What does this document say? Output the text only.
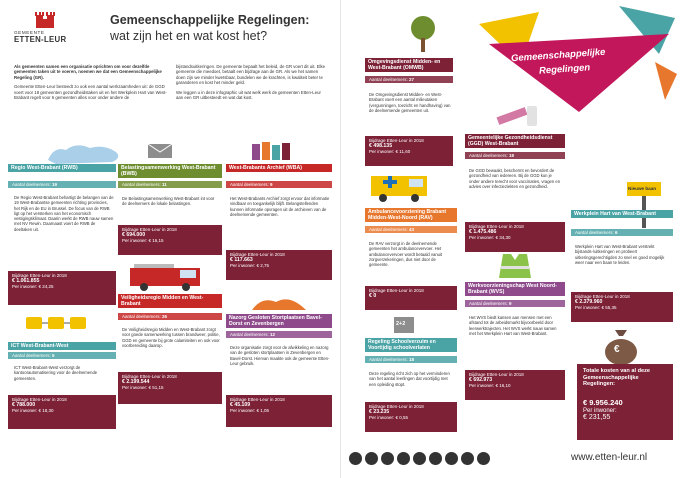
GEMEENTE
ETTEN-LEUR
Gemeenschappelijke Regelingen:
wat zijn het en wat kost het?
Als gemeenten samen een organisatie oprichten om voor dezelfde gemeenten taken uit te voeren, noemen we dat een Gemeenschappelijke Regeling (GR).
Gemeente Etten-Leur besteedt zo ook een aantal werkzaamheden uit: de GGD voert voor 18 gemeenten gezondheidstaken uit en het Werkplein Hart van West-Brabant regelt voor 6 gemeenten alles voor onder andere de
bijstandsuitkeringen. De gemeente bepaalt het beleid, de GR voert dit uit. Elke gemeente die meedoet, betaalt een bijdrage aan de GR. Als we het samen doen zijn we minder kwetsbaar, bundelen we de krachten, is kwaliteit beter te garanderen en kost het minder geld.
We leggen u in deze infographic uit wat welk werk de gemeenten Etten-Leur aan een GR uitbesteedt en wat dat kost.
Regio West-Brabant (RWB)
Aantal deelnemers: 19
De Regio West-Brabant behartigt de belangen van de 19 West-Brabantse gemeenten richting provincies, het Rijk en de EU in Brussel. De focus van de RWB ligt op het versterken van het economisch vestigingsklimaat. Daarin werkt de RWB nauw samen met NV Rewin. Daarnaast voert de RWB de deeltaken uit.
Bijdrage Etten-Leur in 2018
€ 1.061.855
Per inwoner: € 24,25
ICT West-Brabant-West
Aantal deelnemers: 5
ICT West-Brabant-West verzorgt de kantoorautomatisering voor de deelnemende gemeenten.
Bijdrage Etten-Leur in 2018
€ 788.000
Per inwoner: € 18,30
Belastingsamenwerking West-Brabant (BWB)
Aantal deelnemers: 11
De Belastingsamenwerking West-Brabant int voor de deelnemers de lokale belastingen.
Bijdrage Etten-Leur in 2018
€ 694.000
Per inwoner: € 16,15
Veiligheidsregio Midden en West-Brabant
Aantal deelnemers: 26
De Veiligheidsregio Midden en West-Brabant zorgt voor goede samenwerking tussen brandweer, politie, GGD en gemeente bij grote calamiteiten en ook voor voorbereiding daarop.
Bijdrage Etten-Leur in 2018
€ 2.199.544
Per inwoner: € 51,15
West-Brabants Archief (WBA)
Aantal deelnemers: 9
Het West-Brabants Archief zorgt ervoor dat informatie vindbaar en toegankelijk blijft. Belangstellenden kunnen informatie opvragen uit de archieven van de deelnemende gemeenten.
Bijdrage Etten-Leur in 2018
€ 117.663
Per inwoner: € 2,75
Nazorg Gesloten Stortplaatsen Bavel-Dorst en Zevenbergen
Aantal deelnemers: 12
Deze organisatie zorgt voor de afwikkeling en nazorg van de gesloten stortplaatsen in Zevenbergen en Bavel-Dorst. Hiervan maakte ook de gemeente Etten-Leur gebruik.
Bijdrage Etten-Leur in 2018
€ 45.109
Per inwoner: € 1,05
Omgevingsdienst Midden- en West-Brabant (OMWB)
Aantal deelnemers: 27
De Omgevingsdienst Midden- en West-Brabant voert een aantal milieutaken (vergunningen, toezicht en handhaving) van de deelnemende gemeenten uit.
Bijdrage Etten-Leur in 2018
€ 498.135
Per inwoner: € 11,60
Ambulancevoorziening Brabant Midden-West-Noord (RAV)
Aantal deelnemers: 43
De RAV verzorgt in de deelnemende gemeenten het ambulancevervoer. Het ambulancevervoer wordt betaald vanuit zorgverzekeringen, dus niet door de gemeente.
Bijdrage Etten-Leur in 2018
€ 0
2+2
Regeling Schoolverzuim en Voortijdig schoolverlaten
Aantal deelnemers: 18
Deze regeling richt zich op het verminderen van het aantal leerlingen dat voortijdig met een opleiding stopt.
Bijdrage Etten-Leur in 2018
€ 23.235
Per inwoner: € 0,55
Gemeenschappelijke
Regelingen
Gemeentelijke Gezondheidsdienst (GGD) West-Brabant
Aantal deelnemers: 18
De GGD bewaakt, beschermt en bevordert de gezondheid van iedereen. Bij de GGD kun je onder andere terecht voor vaccinaties, vragen en advies over infectieziekten en gezondheid.
Bijdrage Etten-Leur in 2018
€ 1.475.486
Per inwoner: € 34,30
Werkvoorzieningschap West Noord-Brabant (WVS)
Aantal deelnemers: 9
Het WVS biedt kansen aan mensen met een afstand tot de arbeidsmarkt bijvoorbeeld door leerwerktrajecten. Het WVS werkt nauw samen met het Werkplein Hart van West-Brabant.
Bijdrage Etten-Leur in 2018
€ 692.973
Per inwoner: € 16,10
Nieuwe baan
Werkplein Hart van West-Brabant
Aantal deelnemers: 6
Werkplein Hart van West-Brabant verstrekt bijstands-/uitkeringen en probeert uitkeringsgerechtigden zo snel en goed mogelijk weer naar een baan te leiden.
Bijdrage Etten-Leur in 2018
€ 2.379.960
Per inwoner: € 55,35
€
Totale kosten van al deze Gemeenschappelijke Regelingen:
€ 9.956.240
Per inwoner:
€ 231,55
www.etten-leur.nl
